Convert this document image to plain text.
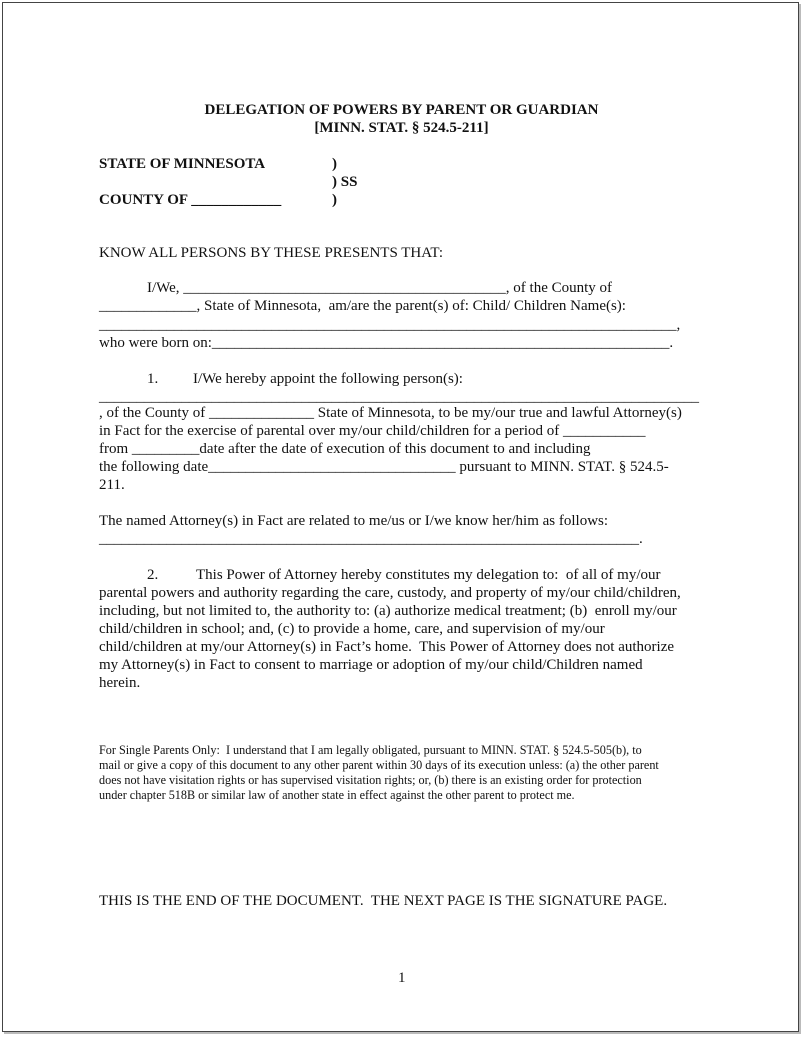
DELEGATION OF POWERS BY PARENT OR GUARDIAN
[MINN. STAT. § 524.5-211]
STATE OF MINNESOTA	)
) SS
COUNTY OF ____________	)
KNOW ALL PERSONS BY THESE PRESENTS THAT:
I/We, ___________________________________________, of the County of
_____________, State of Minnesota,  am/are the parent(s) of: Child/ Children Name(s):
_____________________________________________________________________________,
who were born on:_____________________________________________________________.
1. I/We hereby appoint the following person(s):
________________________________________________________________________________
, of the County of ______________ State of Minnesota, to be my/our true and lawful Attorney(s)
in Fact for the exercise of parental over my/our child/children for a period of ___________
from _________date after the date of execution of this document to and including
the following date_________________________________ pursuant to MINN. STAT. § 524.5-
211.
The named Attorney(s) in Fact are related to me/us or I/we know her/him as follows:
________________________________________________________________________.
2.	This Power of Attorney hereby constitutes my delegation to:  of all of my/our
parental powers and authority regarding the care, custody, and property of my/our child/children,
including, but not limited to, the authority to: (a) authorize medical treatment; (b)  enroll my/our
child/children in school; and, (c) to provide a home, care, and supervision of my/our
child/children at my/our Attorney(s) in Fact’s home.  This Power of Attorney does not authorize
my Attorney(s) in Fact to consent to marriage or adoption of my/our child/Children named
herein.
For Single Parents Only:  I understand that I am legally obligated, pursuant to MINN. STAT. § 524.5-505(b), to
mail or give a copy of this document to any other parent within 30 days of its execution unless: (a) the other parent
does not have visitation rights or has supervised visitation rights; or, (b) there is an existing order for protection
under chapter 518B or similar law of another state in effect against the other parent to protect me.
THIS IS THE END OF THE DOCUMENT.  THE NEXT PAGE IS THE SIGNATURE PAGE.
1
